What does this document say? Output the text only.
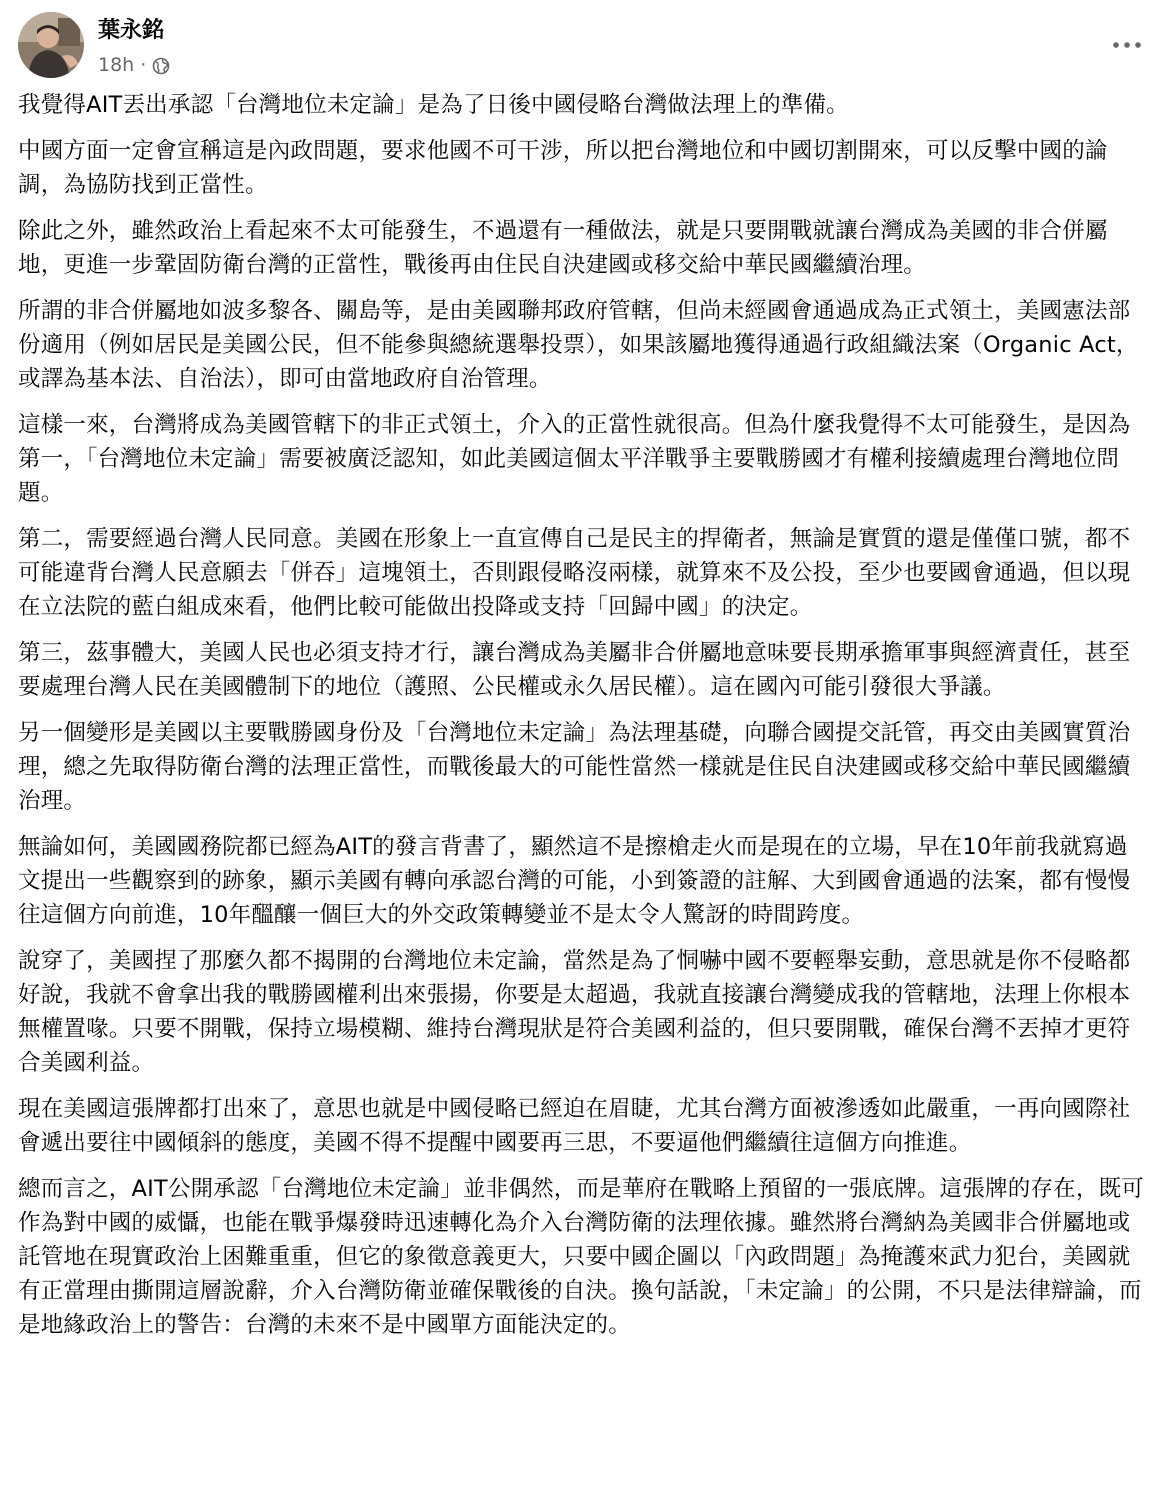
葉永銘
18h ·

我覺得AIT丟出承認「台灣地位未定論」是為了日後中國侵略台灣做法理上的準備。

中國方面一定會宣稱這是內政問題，要求他國不可干涉，所以把台灣地位和中國切割開來，可以反擊中國的論調，為協防找到正當性。

除此之外，雖然政治上看起來不太可能發生，不過還有一種做法，就是只要開戰就讓台灣成為美國的非合併屬地，更進一步鞏固防衛台灣的正當性，戰後再由住民自決建國或移交給中華民國繼續治理。

所謂的非合併屬地如波多黎各、關島等，是由美國聯邦政府管轄，但尚未經國會通過成為正式領土，美國憲法部份適用（例如居民是美國公民，但不能參與總統選舉投票），如果該屬地獲得通過行政組織法案（Organic Act，或譯為基本法、自治法），即可由當地政府自治管理。

這樣一來，台灣將成為美國管轄下的非正式領土，介入的正當性就很高。但為什麼我覺得不太可能發生，是因為第一，「台灣地位未定論」需要被廣泛認知，如此美國這個太平洋戰爭主要戰勝國才有權利接續處理台灣地位問題。

第二，需要經過台灣人民同意。美國在形象上一直宣傳自己是民主的捍衛者，無論是實質的還是僅僅口號，都不可能違背台灣人民意願去「併吞」這塊領土，否則跟侵略沒兩樣，就算來不及公投，至少也要國會通過，但以現在立法院的藍白組成來看，他們比較可能做出投降或支持「回歸中國」的決定。

第三，茲事體大，美國人民也必須支持才行，讓台灣成為美屬非合併屬地意味要長期承擔軍事與經濟責任，甚至要處理台灣人民在美國體制下的地位（護照、公民權或永久居民權）。這在國內可能引發很大爭議。

另一個變形是美國以主要戰勝國身份及「台灣地位未定論」為法理基礎，向聯合國提交託管，再交由美國實質治理，總之先取得防衛台灣的法理正當性，而戰後最大的可能性當然一樣就是住民自決建國或移交給中華民國繼續治理。

無論如何，美國國務院都已經為AIT的發言背書了，顯然這不是擦槍走火而是現在的立場，早在10年前我就寫過文提出一些觀察到的跡象，顯示美國有轉向承認台灣的可能，小到簽證的註解、大到國會通過的法案，都有慢慢往這個方向前進，10年醞釀一個巨大的外交政策轉變並不是太令人驚訝的時間跨度。

說穿了，美國捏了那麼久都不揭開的台灣地位未定論，當然是為了恫嚇中國不要輕舉妄動，意思就是你不侵略都好說，我就不會拿出我的戰勝國權利出來張揚，你要是太超過，我就直接讓台灣變成我的管轄地，法理上你根本無權置喙。只要不開戰，保持立場模糊、維持台灣現狀是符合美國利益的，但只要開戰，確保台灣不丟掉才更符合美國利益。

現在美國這張牌都打出來了，意思也就是中國侵略已經迫在眉睫，尤其台灣方面被滲透如此嚴重，一再向國際社會遞出要往中國傾斜的態度，美國不得不提醒中國要再三思，不要逼他們繼續往這個方向推進。

總而言之，AIT公開承認「台灣地位未定論」並非偶然，而是華府在戰略上預留的一張底牌。這張牌的存在，既可作為對中國的威懾，也能在戰爭爆發時迅速轉化為介入台灣防衛的法理依據。雖然將台灣納為美國非合併屬地或託管地在現實政治上困難重重，但它的象徵意義更大，只要中國企圖以「內政問題」為掩護來武力犯台，美國就有正當理由撕開這層說辭，介入台灣防衛並確保戰後的自決。換句話說，「未定論」的公開，不只是法律辯論，而是地緣政治上的警告：台灣的未來不是中國單方面能決定的。
